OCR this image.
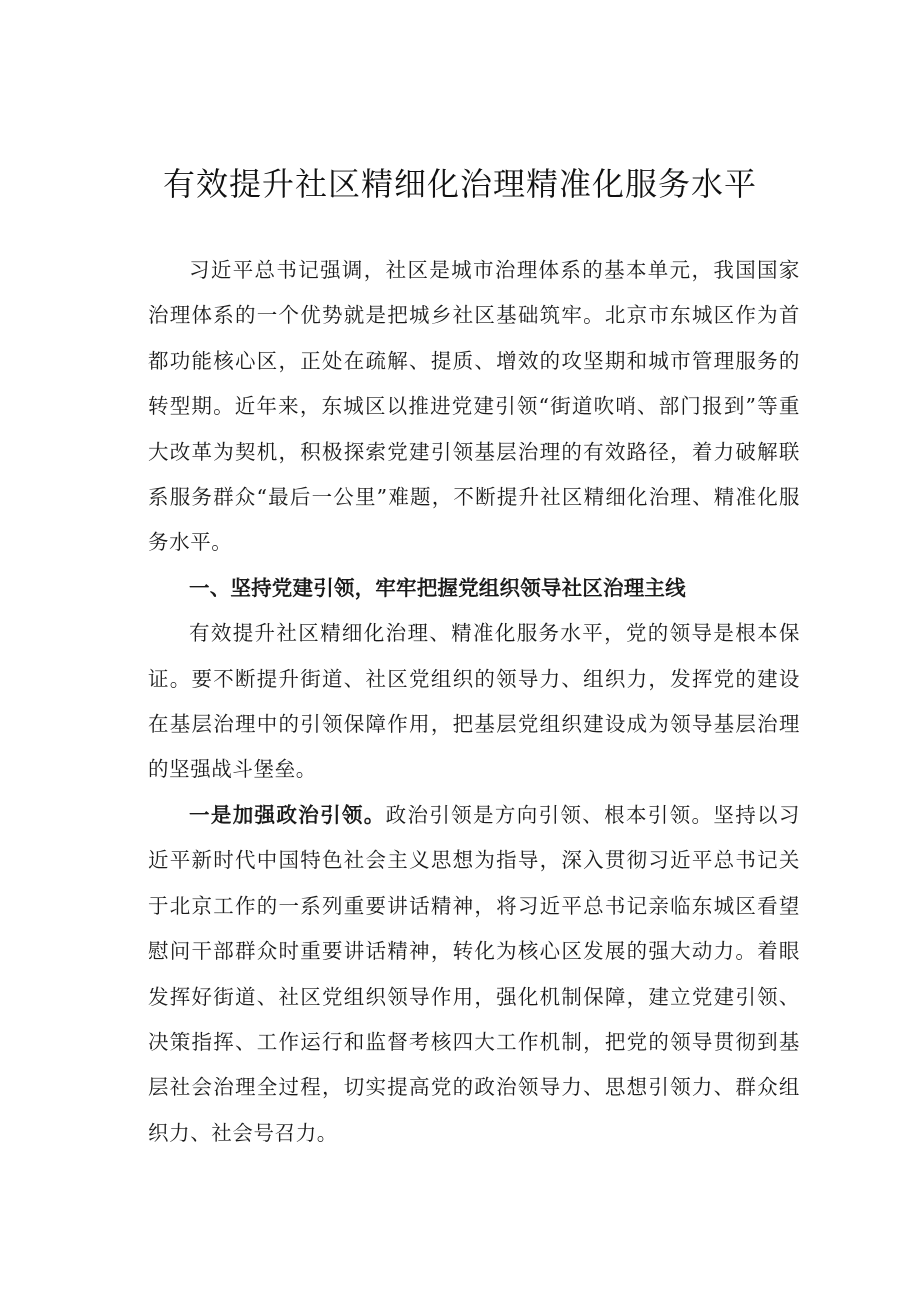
有效提升社区精细化治理精准化服务水平

习近平总书记强调，社区是城市治理体系的基本单元，我国国家治理体系的一个优势就是把城乡社区基础筑牢。北京市东城区作为首都功能核心区，正处在疏解、提质、增效的攻坚期和城市管理服务的转型期。近年来，东城区以推进党建引领“街道吹哨、部门报到”等重大改革为契机，积极探索党建引领基层治理的有效路径，着力破解联系服务群众“最后一公里”难题，不断提升社区精细化治理、精准化服务水平。

一、坚持党建引领，牢牢把握党组织领导社区治理主线

有效提升社区精细化治理、精准化服务水平，党的领导是根本保证。要不断提升街道、社区党组织的领导力、组织力，发挥党的建设在基层治理中的引领保障作用，把基层党组织建设成为领导基层治理的坚强战斗堡垒。

一是加强政治引领。政治引领是方向引领、根本引领。坚持以习近平新时代中国特色社会主义思想为指导，深入贯彻习近平总书记关于北京工作的一系列重要讲话精神，将习近平总书记亲临东城区看望慰问干部群众时重要讲话精神，转化为核心区发展的强大动力。着眼发挥好街道、社区党组织领导作用，强化机制保障，建立党建引领、决策指挥、工作运行和监督考核四大工作机制，把党的领导贯彻到基层社会治理全过程，切实提高党的政治领导力、思想引领力、群众组织力、社会号召力。
